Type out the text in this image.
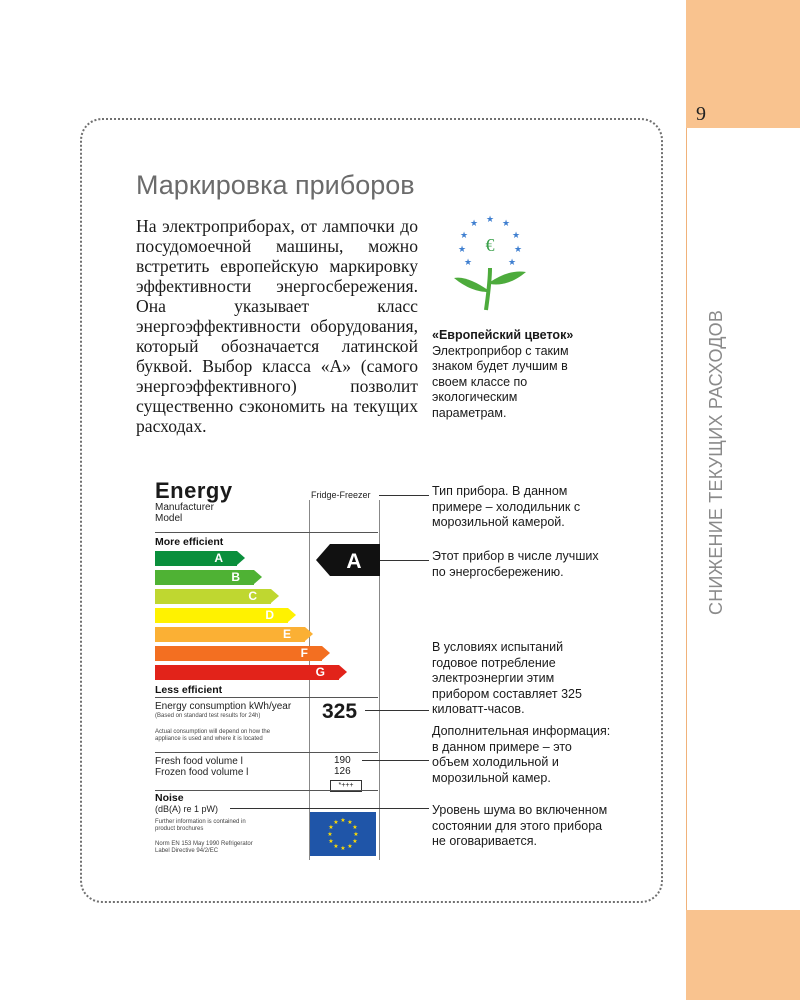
9
СНИЖЕНИЕ ТЕКУЩИХ РАСХОДОВ
Маркировка приборов

На электроприборах, от лампочки до посудомоечной машины, можно встретить европейскую маркировку эффективности энергосбережения. Она указывает класс энергоэффективности оборудования, который обозначается латинской буквой. Выбор класса «А» (самого энергоэффективного) позволит существенно сэкономить на текущих расходах.

★ ★
★
★
★
★
★
★
★
€
«Европейский цветок»
Электроприбор с таким знаком будет лучшим в своем классе по экологическим параметрам.
Energy
Manufacturer
Model
Fridge-Freezer
More efficient
A
B
C
D
E
F
G
A
Less efficient
Energy consumption kWh/year
(Based on standard test results for 24h)
Actual consumption will depend on how the appliance is used and where it is located
325
Fresh food volume l
Frozen food volume l
190
126
*+++
Noise
(dB(A) re 1 pW)
Further information is contained in product brochures
Norm EN 153 May 1990 Refrigerator Label Directive 94/2/EC
★ ★
★
★
★
★
★
★
★
★
★
★
Тип прибора. В данном примере – холодильник с морозильной камерой.
Этот прибор в числе лучших по энергосбережению.
В условиях испытаний годовое потребление электроэнергии этим прибором составляет 325 киловатт-часов.
Дополнительная информация: в данном примере – это объем холодильной и морозильной камер.
Уровень шума во включенном состоянии для этого прибора не оговаривается.
